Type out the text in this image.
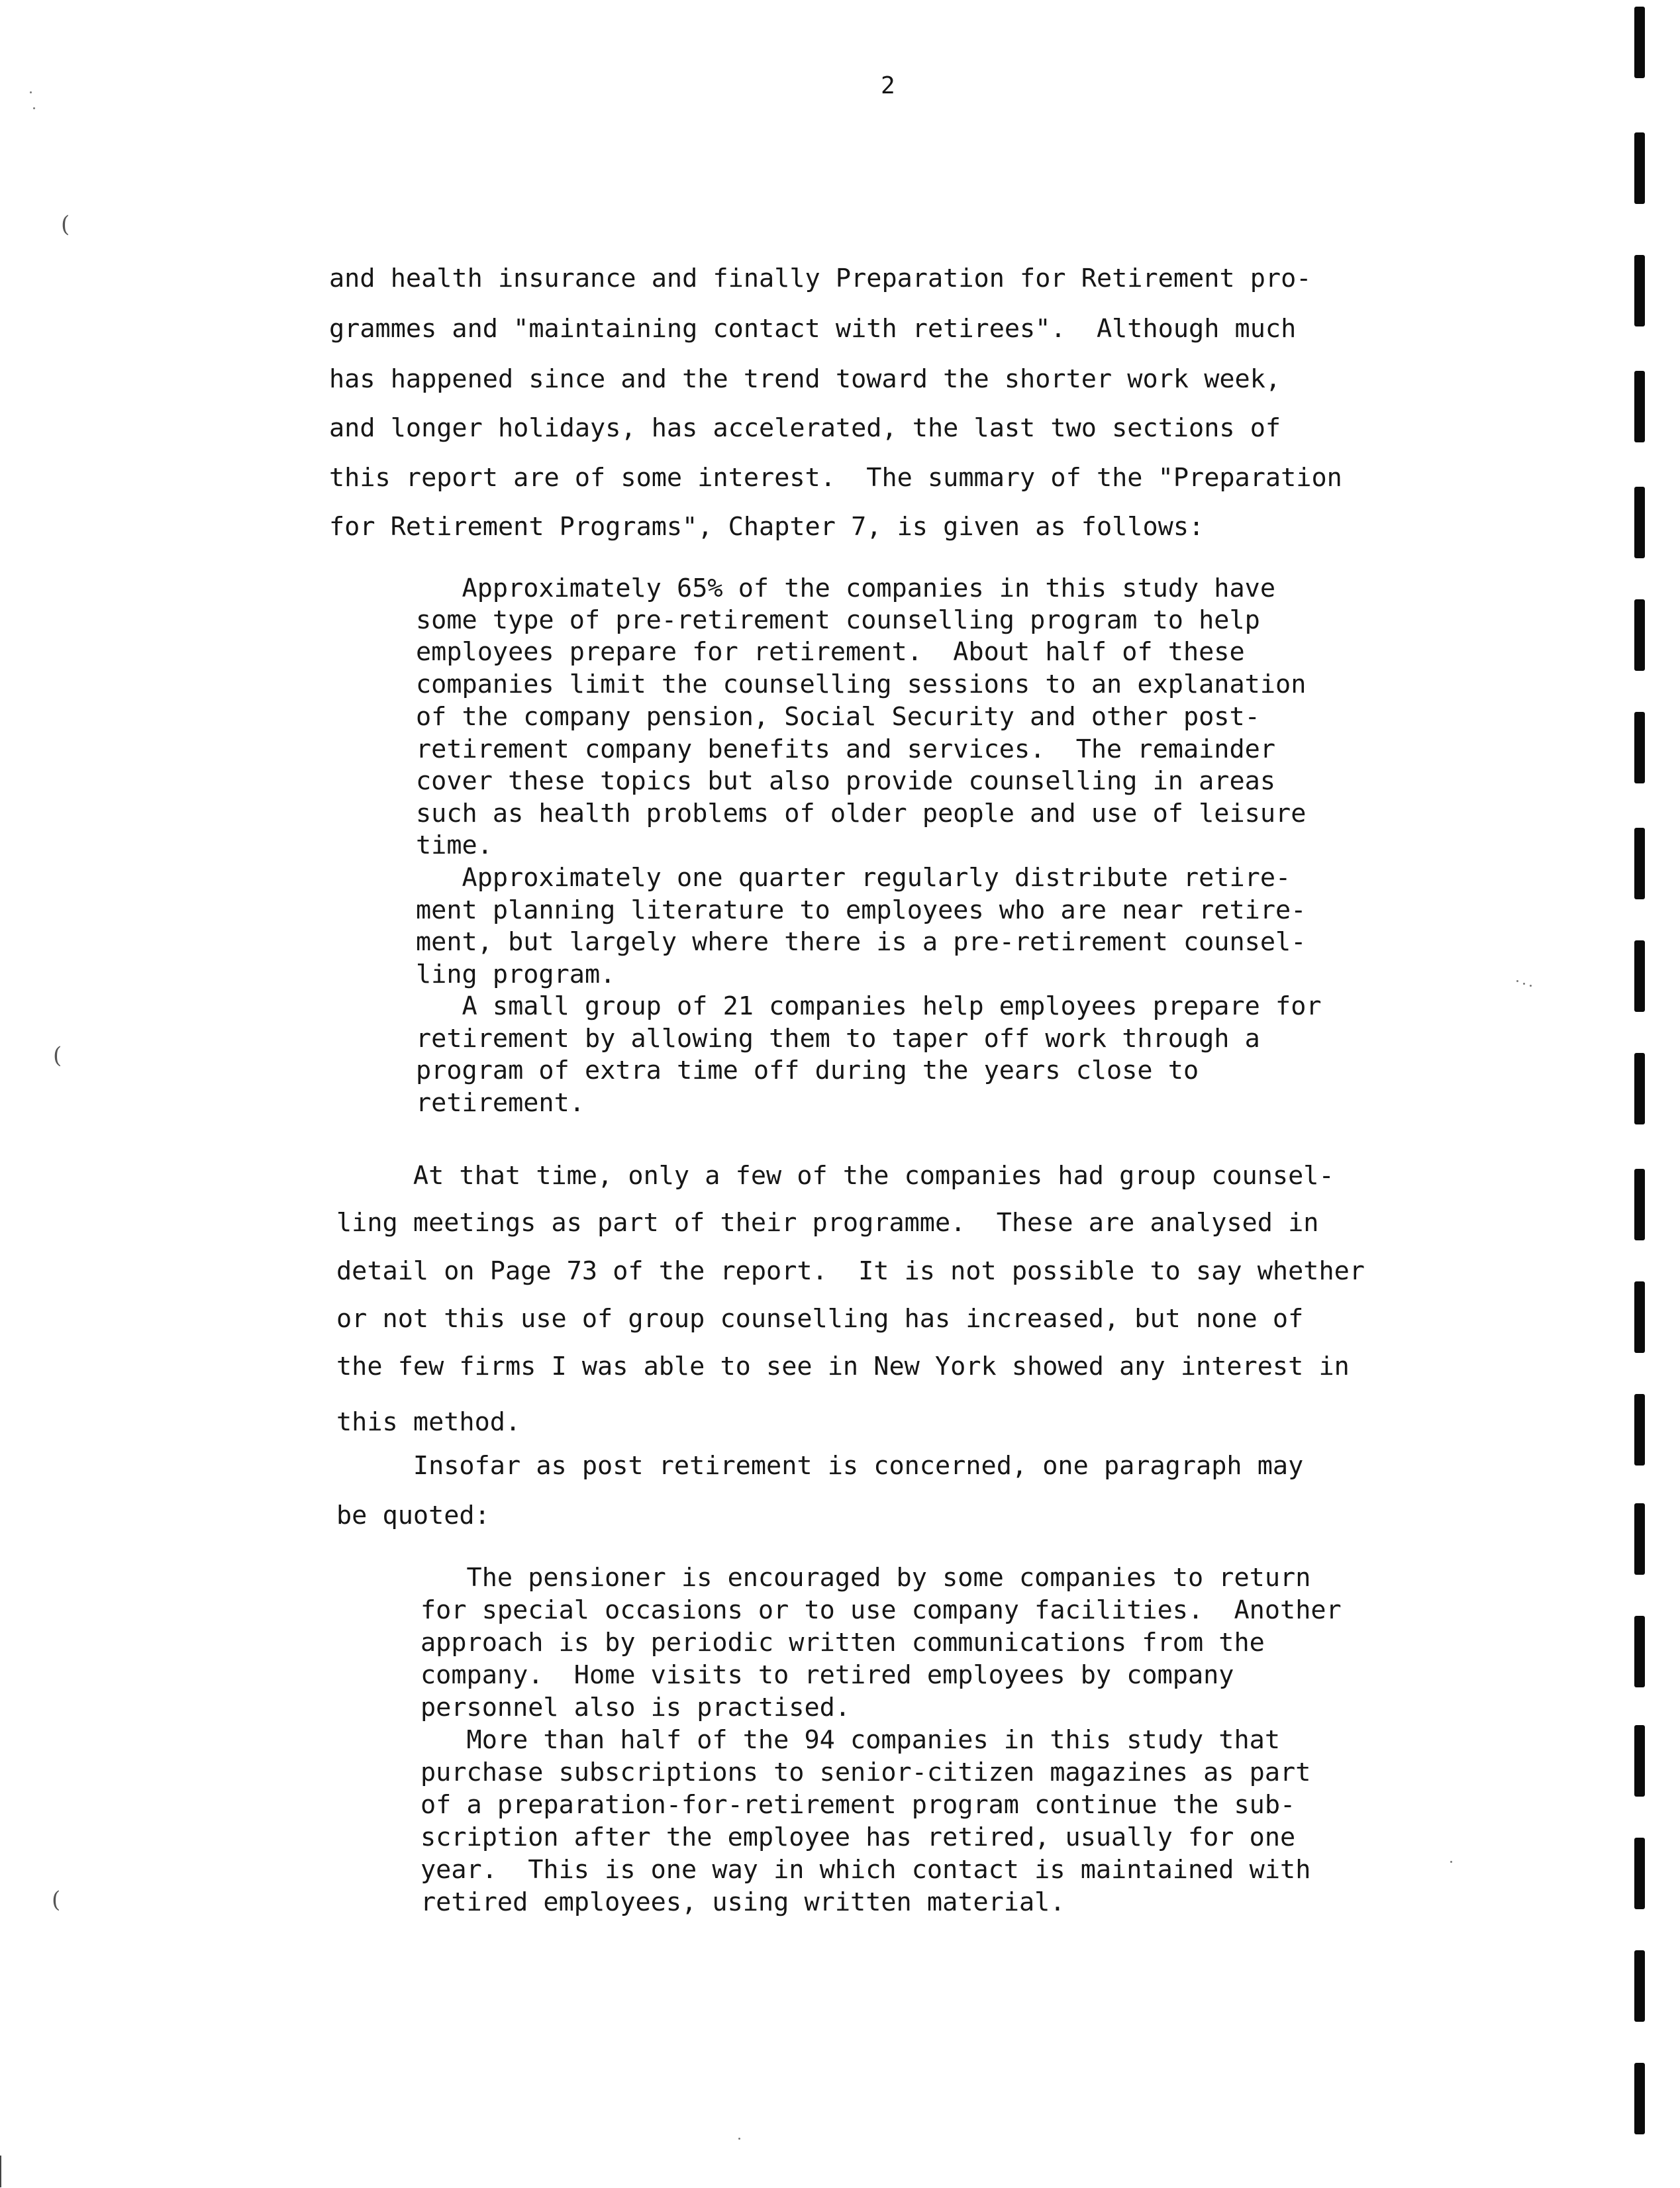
2
and health insurance and finally Preparation for Retirement pro-
grammes and "maintaining contact with retirees".  Although much
has happened since and the trend toward the shorter work week,
and longer holidays, has accelerated, the last two sections of
this report are of some interest.  The summary of the "Preparation
for Retirement Programs", Chapter 7, is given as follows:
Approximately 65% of the companies in this study have
some type of pre-retirement counselling program to help
employees prepare for retirement.  About half of these
companies limit the counselling sessions to an explanation
of the company pension, Social Security and other post-
retirement company benefits and services.  The remainder
cover these topics but also provide counselling in areas
such as health problems of older people and use of leisure
time.
Approximately one quarter regularly distribute retire-
ment planning literature to employees who are near retire-
ment, but largely where there is a pre-retirement counsel-
ling program.
A small group of 21 companies help employees prepare for
retirement by allowing them to taper off work through a
program of extra time off during the years close to
retirement.
At that time, only a few of the companies had group counsel-
ling meetings as part of their programme.  These are analysed in
detail on Page 73 of the report.  It is not possible to say whether
or not this use of group counselling has increased, but none of
the few firms I was able to see in New York showed any interest in
this method.
Insofar as post retirement is concerned, one paragraph may
be quoted:
The pensioner is encouraged by some companies to return
for special occasions or to use company facilities.  Another
approach is by periodic written communications from the
company.  Home visits to retired employees by company
personnel also is practised.
More than half of the 94 companies in this study that
purchase subscriptions to senior-citizen magazines as part
of a preparation-for-retirement program continue the sub-
scription after the employee has retired, usually for one
year.  This is one way in which contact is maintained with
retired employees, using written material.
(
(
(
